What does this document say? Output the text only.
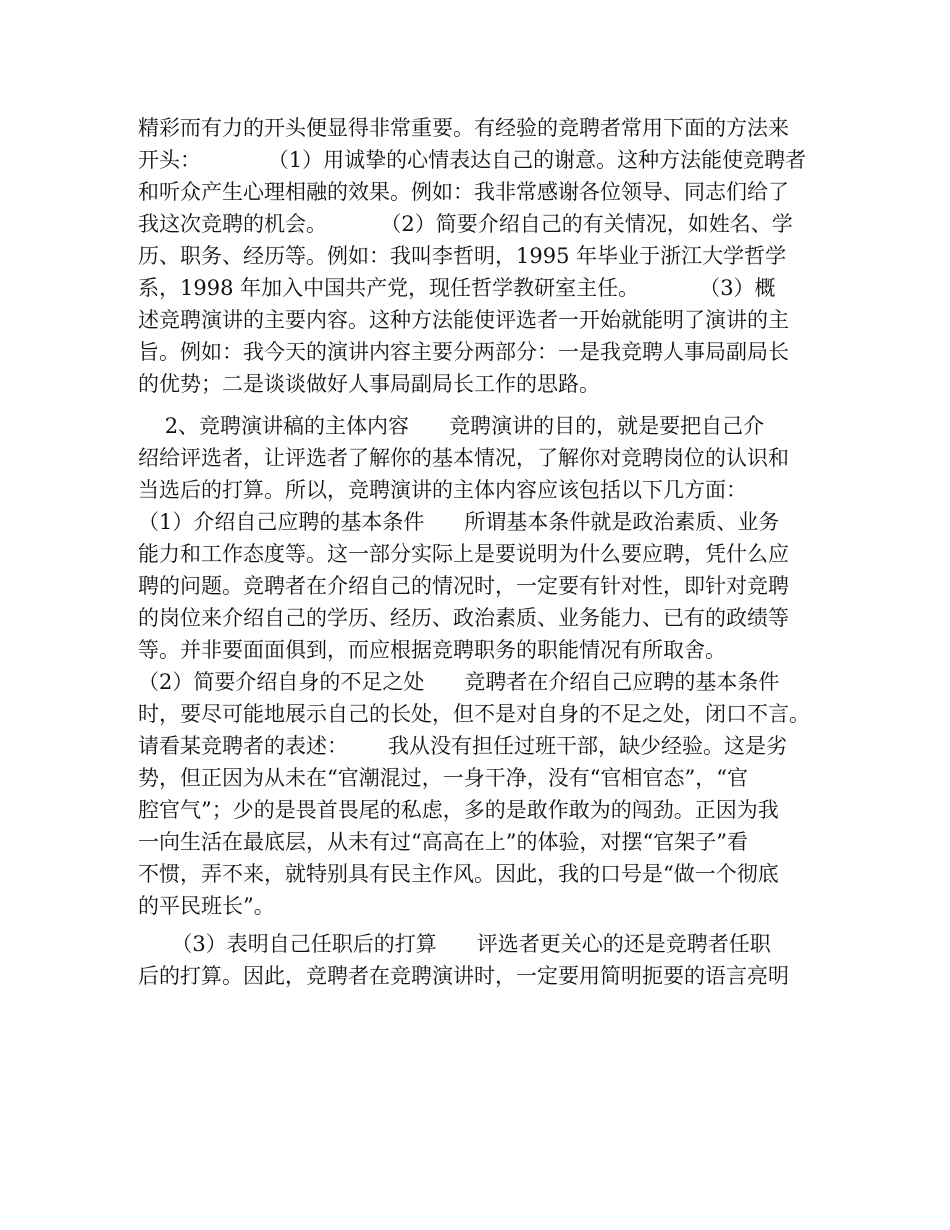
精彩而有力的开头便显得非常重要。有经验的竞聘者常用下面的方法来
开头：          （1）用诚挚的心情表达自己的谢意。这种方法能使竞聘者
和听众产生心理相融的效果。例如：我非常感谢各位领导、同志们给了
我这次竞聘的机会。        （2）简要介绍自己的有关情况，如姓名、学
历、职务、经历等。例如：我叫李哲明，1995 年毕业于浙江大学哲学
系，1998 年加入中国共产党，现任哲学教研室主任。         （3）概
述竞聘演讲的主要内容。这种方法能使评选者一开始就能明了演讲的主
旨。例如：我今天的演讲内容主要分两部分：一是我竞聘人事局副局长
的优势；二是谈谈做好人事局副局长工作的思路。
2、竞聘演讲稿的主体内容      竞聘演讲的目的，就是要把自己介
绍给评选者，让评选者了解你的基本情况，了解你对竞聘岗位的认识和
当选后的打算。所以，竞聘演讲的主体内容应该包括以下几方面：
（1）介绍自己应聘的基本条件      所谓基本条件就是政治素质、业务
能力和工作态度等。这一部分实际上是要说明为什么要应聘，凭什么应
聘的问题。竞聘者在介绍自己的情况时，一定要有针对性，即针对竞聘
的岗位来介绍自己的学历、经历、政治素质、业务能力、已有的政绩等
等。并非要面面俱到，而应根据竞聘职务的职能情况有所取舍。
（2）简要介绍自身的不足之处      竞聘者在介绍自己应聘的基本条件
时，要尽可能地展示自己的长处，但不是对自身的不足之处，闭口不言。
请看某竞聘者的表述：      我从没有担任过班干部，缺少经验。这是劣
势，但正因为从未在“官潮混过，一身干净，没有“官相官态”，“官
腔官气”；少的是畏首畏尾的私虑，多的是敢作敢为的闯劲。正因为我
一向生活在最底层，从未有过“高高在上”的体验，对摆“官架子”看
不惯，弄不来，就特别具有民主作风。因此，我的口号是“做一个彻底
的平民班长”。
（3）表明自己任职后的打算      评选者更关心的还是竞聘者任职
后的打算。因此，竞聘者在竞聘演讲时，一定要用简明扼要的语言亮明
